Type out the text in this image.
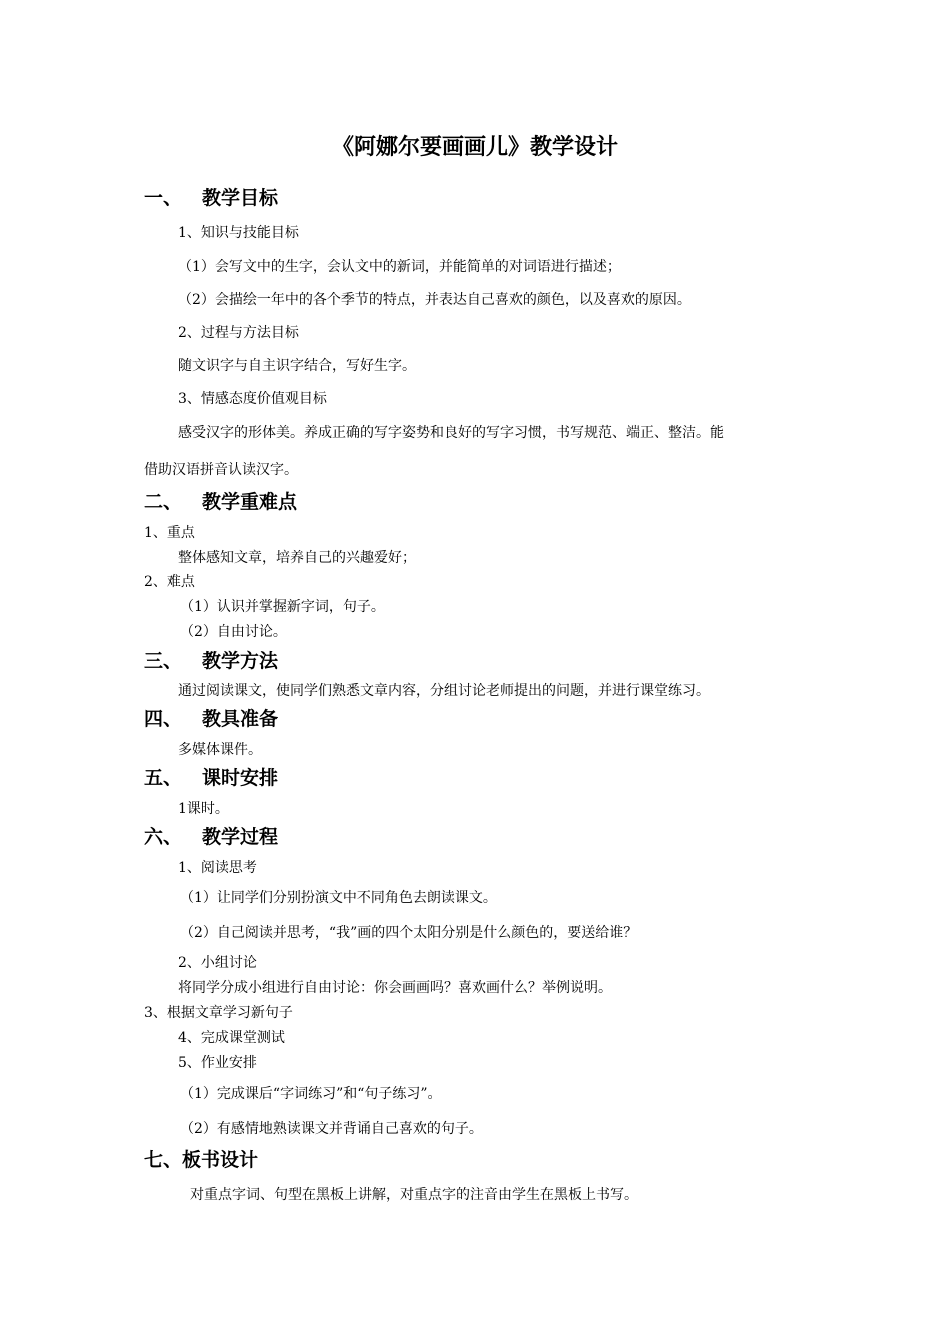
《阿娜尔要画画儿》教学设计
一、 教学目标
1、知识与技能目标
（1）会写文中的生字，会认文中的新词，并能简单的对词语进行描述；
（2）会描绘一年中的各个季节的特点，并表达自己喜欢的颜色，以及喜欢的原因。
2、过程与方法目标
随文识字与自主识字结合，写好生字。
3、情感态度价值观目标
感受汉字的形体美。养成正确的写字姿势和良好的写字习惯，书写规范、端正、整洁。能
借助汉语拼音认读汉字。
二、 教学重难点
1、重点
整体感知文章，培养自己的兴趣爱好；
2、难点
（1）认识并掌握新字词，句子。
（2）自由讨论。
三、 教学方法
通过阅读课文，使同学们熟悉文章内容，分组讨论老师提出的问题，并进行课堂练习。
四、 教具准备
多媒体课件。
五、 课时安排
1课时。
六、 教学过程
1、阅读思考
（1）让同学们分别扮演文中不同角色去朗读课文。
（2）自己阅读并思考，“我”画的四个太阳分别是什么颜色的，要送给谁？
2、小组讨论
将同学分成小组进行自由讨论：你会画画吗？喜欢画什么？举例说明。
3、根据文章学习新句子
4、完成课堂测试
5、作业安排
（1）完成课后“字词练习”和“句子练习”。
（2）有感情地熟读课文并背诵自己喜欢的句子。
七、板书设计
对重点字词、句型在黑板上讲解，对重点字的注音由学生在黑板上书写。
